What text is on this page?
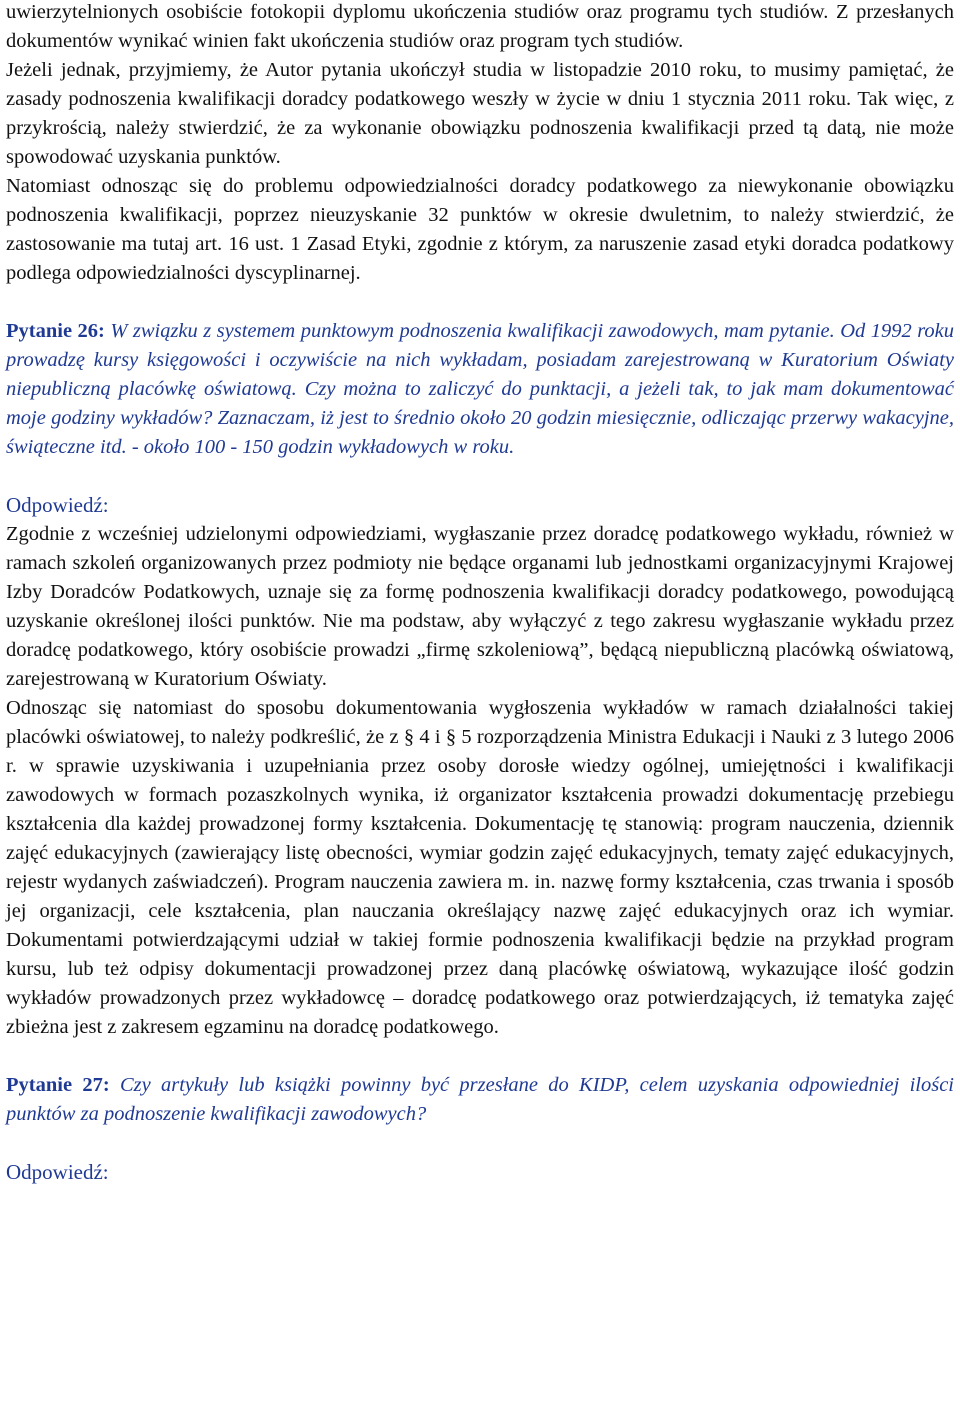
uwierzytelnionych osobiście fotokopii dyplomu ukończenia studiów oraz programu tych studiów. Z przesłanych dokumentów wynikać winien fakt ukończenia studiów oraz program tych studiów.

Jeżeli jednak, przyjmiemy, że Autor pytania ukończył studia w listopadzie 2010 roku, to musimy pamiętać, że zasady podnoszenia kwalifikacji doradcy podatkowego weszły w życie w dniu 1 stycznia 2011 roku. Tak więc, z przykrością, należy stwierdzić, że za wykonanie obowiązku podnoszenia kwalifikacji przed tą datą, nie może spowodować uzyskania punktów.

Natomiast odnosząc się do problemu odpowiedzialności doradcy podatkowego za niewykonanie obowiązku podnoszenia kwalifikacji, poprzez nieuzyskanie 32 punktów w okresie dwuletnim, to należy stwierdzić, że zastosowanie ma tutaj art. 16 ust. 1 Zasad Etyki, zgodnie z którym, za naruszenie zasad etyki doradca podatkowy podlega odpowiedzialności dyscyplinarnej.

Pytanie 26: W związku z systemem punktowym podnoszenia kwalifikacji zawodowych, mam pytanie. Od 1992 roku prowadzę kursy księgowości i oczywiście na nich wykładam, posiadam zarejestrowaną w Kuratorium Oświaty niepubliczną placówkę oświatową. Czy można to zaliczyć do punktacji, a jeżeli tak, to jak mam dokumentować moje godziny wykładów? Zaznaczam, iż jest to średnio około 20 godzin miesięcznie, odliczając przerwy wakacyjne, świąteczne itd. - około 100 - 150 godzin wykładowych w roku.

Odpowiedź:

Zgodnie z wcześniej udzielonymi odpowiedziami, wygłaszanie przez doradcę podatkowego wykładu, również w ramach szkoleń organizowanych przez podmioty nie będące organami lub jednostkami organizacyjnymi Krajowej Izby Doradców Podatkowych, uznaje się za formę podnoszenia kwalifikacji doradcy podatkowego, powodującą uzyskanie określonej ilości punktów. Nie ma podstaw, aby wyłączyć z tego zakresu wygłaszanie wykładu przez doradcę podatkowego, który osobiście prowadzi „firmę szkoleniową”, będącą niepubliczną placówką oświatową, zarejestrowaną w Kuratorium Oświaty.

Odnosząc się natomiast do sposobu dokumentowania wygłoszenia wykładów w ramach działalności takiej placówki oświatowej, to należy podkreślić, że z § 4 i § 5 rozporządzenia Ministra Edukacji i Nauki z 3 lutego 2006 r. w sprawie uzyskiwania i uzupełniania przez osoby dorosłe wiedzy ogólnej, umiejętności i kwalifikacji zawodowych w formach pozaszkolnych wynika, iż organizator kształcenia prowadzi dokumentację przebiegu kształcenia dla każdej prowadzonej formy kształcenia. Dokumentację tę stanowią: program nauczenia, dziennik zajęć edukacyjnych (zawierający listę obecności, wymiar godzin zajęć edukacyjnych, tematy zajęć edukacyjnych, rejestr wydanych zaświadczeń). Program nauczenia zawiera m. in. nazwę formy kształcenia, czas trwania i sposób jej organizacji, cele kształcenia, plan nauczania określający nazwę zajęć edukacyjnych oraz ich wymiar. Dokumentami potwierdzającymi udział w takiej formie podnoszenia kwalifikacji będzie na przykład program kursu, lub też odpisy dokumentacji prowadzonej przez daną placówkę oświatową, wykazujące ilość godzin wykładów prowadzonych przez wykładowcę – doradcę podatkowego oraz potwierdzających, iż tematyka zajęć zbieżna jest z zakresem egzaminu na doradcę podatkowego.

Pytanie 27: Czy artykuły lub książki powinny być przesłane do KIDP, celem uzyskania odpowiedniej ilości punktów za podnoszenie kwalifikacji zawodowych?

Odpowiedź:
